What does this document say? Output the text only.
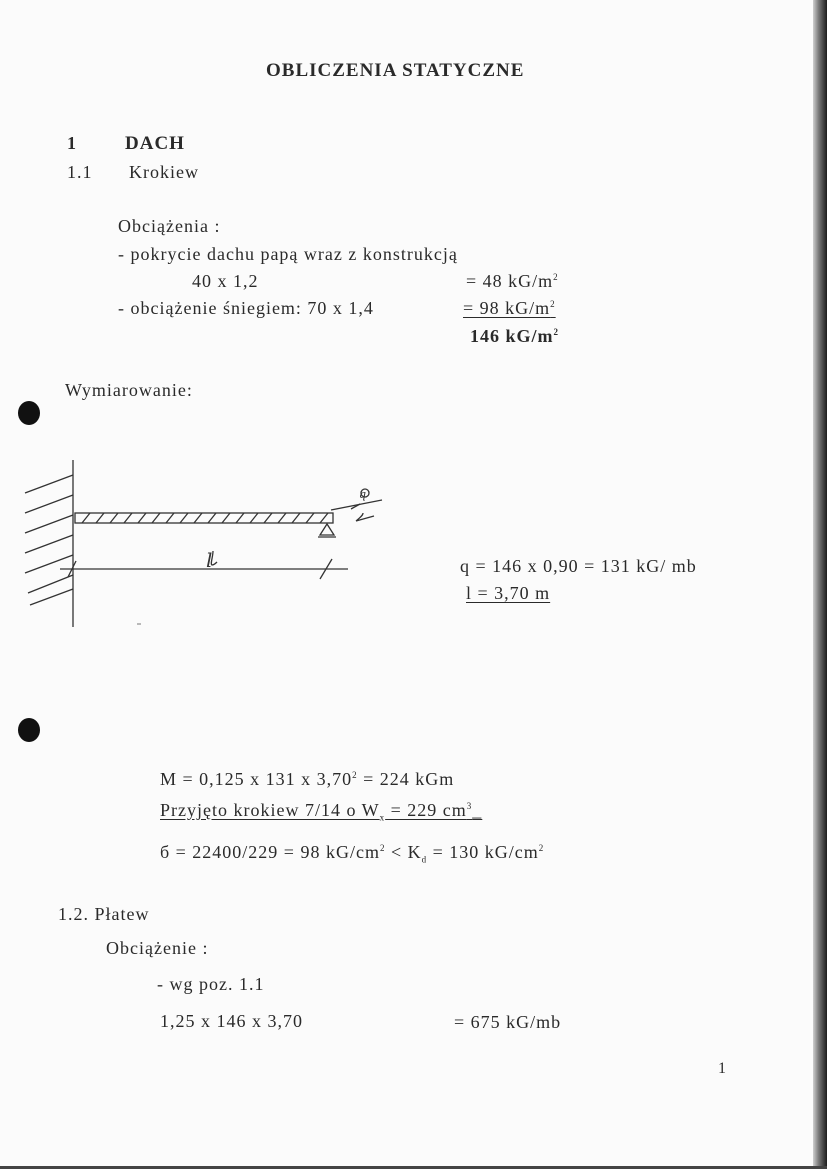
OBLICZENIA STATYCZNE
1	DACH
1.1 Krokiew
Obciążenia :
- pokrycie dachu papą wraz z konstrukcją
40 x 1,2	= 48 $kG/m^2$
- obciążenie śniegiem: 70 x 1,4	= 98 $kG/m^2$
146 $kG/m^2$
Wymiarowanie:
l
q
q = 146 x 0,90 = 131 kG/ mb
l = 3,70 m
M = 0,125 x 131 x $3,70^2 = 224$ kGm
Przyjęto krokiew 7/14 o $W_x = 229$ $cm^3\_$
б = 22400/229 = 98 $kG/cm^2 < K_d = 130$ $kG/cm^2$
1.2. Płatew
Obciążenie :
- wg poz. 1.1
1,25 x 146 x 3,70	= 675 kG/mb
1
